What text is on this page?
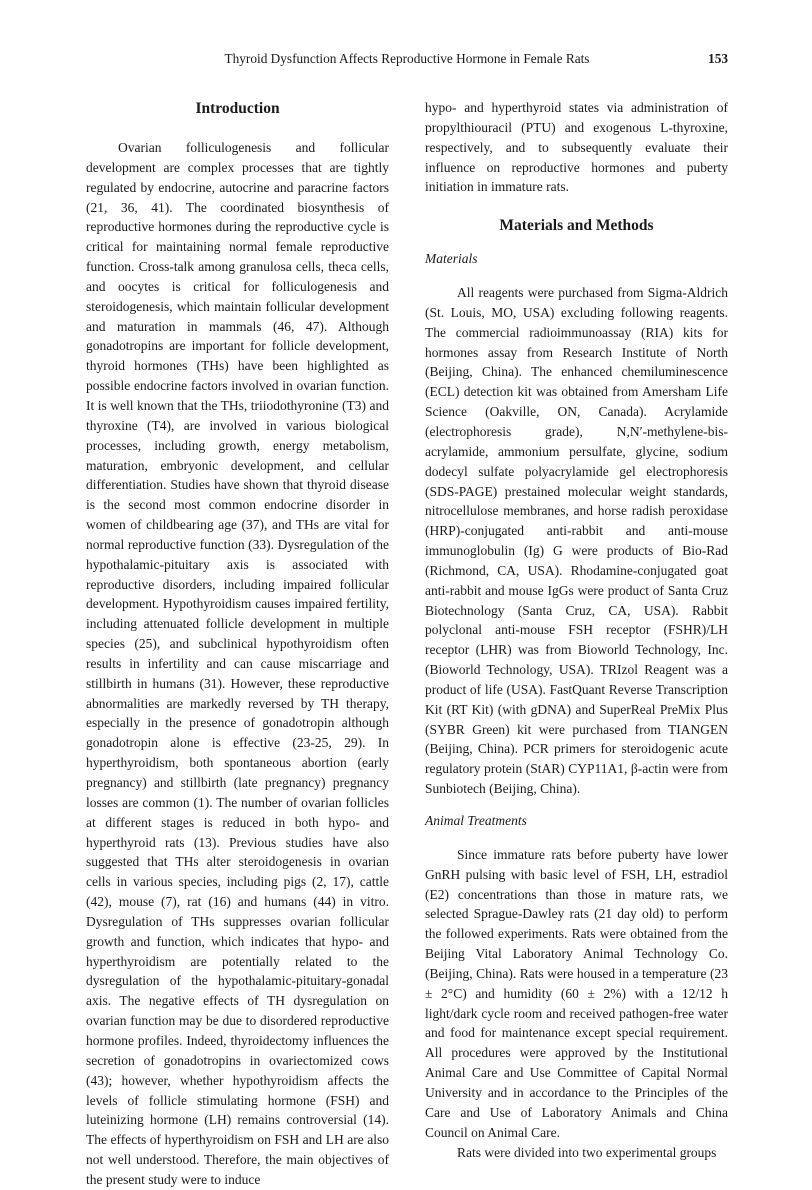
Thyroid Dysfunction Affects Reproductive Hormone in Female Rats	153
Introduction

Ovarian folliculogenesis and follicular development are complex processes that are tightly regulated by endocrine, autocrine and paracrine factors (21, 36, 41). The coordinated biosynthesis of reproductive hormones during the reproductive cycle is critical for maintaining normal female reproductive function. Cross-talk among granulosa cells, theca cells, and oocytes is critical for folliculogenesis and steroidogenesis, which maintain follicular development and maturation in mammals (46, 47). Although gonadotropins are important for follicle development, thyroid hormones (THs) have been highlighted as possible endocrine factors involved in ovarian function. It is well known that the THs, triiodothyronine (T3) and thyroxine (T4), are involved in various biological processes, including growth, energy metabolism, maturation, embryonic development, and cellular differentiation. Studies have shown that thyroid disease is the second most common endocrine disorder in women of childbearing age (37), and THs are vital for normal reproductive function (33). Dysregulation of the hypothalamic-pituitary axis is associated with reproductive disorders, including impaired follicular development. Hypothyroidism causes impaired fertility, including attenuated follicle development in multiple species (25), and subclinical hypothyroidism often results in infertility and can cause miscarriage and stillbirth in humans (31). However, these reproductive abnormalities are markedly reversed by TH therapy, especially in the presence of gonadotropin although gonadotropin alone is effective (23-25, 29). In hyperthyroidism, both spontaneous abortion (early pregnancy) and stillbirth (late pregnancy) pregnancy losses are common (1). The number of ovarian follicles at different stages is reduced in both hypo- and hyperthyroid rats (13). Previous studies have also suggested that THs alter steroidogenesis in ovarian cells in various species, including pigs (2, 17), cattle (42), mouse (7), rat (16) and humans (44) in vitro. Dysregulation of THs suppresses ovarian follicular growth and function, which indicates that hypo- and hyperthyroidism are potentially related to the dysregulation of the hypothalamic-pituitary-gonadal axis. The negative effects of TH dysregulation on ovarian function may be due to disordered reproductive hormone profiles. Indeed, thyroidectomy influences the secretion of gonadotropins in ovariectomized cows (43); however, whether hypothyroidism affects the levels of follicle stimulating hormone (FSH) and luteinizing hormone (LH) remains controversial (14). The effects of hyperthyroidism on FSH and LH are also not well understood. Therefore, the main objectives of the present study were to induce

hypo- and hyperthyroid states via administration of propylthiouracil (PTU) and exogenous L-thyroxine, respectively, and to subsequently evaluate their influence on reproductive hormones and puberty initiation in immature rats.

Materials and Methods
Materials

All reagents were purchased from Sigma-Aldrich (St. Louis, MO, USA) excluding following reagents. The commercial radioimmunoassay (RIA) kits for hormones assay from Research Institute of North (Beijing, China). The enhanced chemiluminescence (ECL) detection kit was obtained from Amersham Life Science (Oakville, ON, Canada). Acrylamide (electrophoresis grade), N,N′-methylene-bis-acrylamide, ammonium persulfate, glycine, sodium dodecyl sulfate polyacrylamide gel electrophoresis (SDS-PAGE) prestained molecular weight standards, nitrocellulose membranes, and horse radish peroxidase (HRP)-conjugated anti-rabbit and anti-mouse immunoglobulin (Ig) G were products of Bio-Rad (Richmond, CA, USA). Rhodamine-conjugated goat anti-rabbit and mouse IgGs were product of Santa Cruz Biotechnology (Santa Cruz, CA, USA). Rabbit polyclonal anti-mouse FSH receptor (FSHR)/LH receptor (LHR) was from Bioworld Technology, Inc. (Bioworld Technology, USA). TRIzol Reagent was a product of life (USA). FastQuant Reverse Transcription Kit (RT Kit) (with gDNA) and SuperReal PreMix Plus (SYBR Green) kit were purchased from TIANGEN (Beijing, China). PCR primers for steroidogenic acute regulatory protein (StAR) CYP11A1, β-actin were from Sunbiotech (Beijing, China).

Animal Treatments

Since immature rats before puberty have lower GnRH pulsing with basic level of FSH, LH, estradiol (E2) concentrations than those in mature rats, we selected Sprague-Dawley rats (21 day old) to perform the followed experiments. Rats were obtained from the Beijing Vital Laboratory Animal Technology Co. (Beijing, China). Rats were housed in a temperature (23 ± 2°C) and humidity (60 ± 2%) with a 12/12 h light/dark cycle room and received pathogen-free water and food for maintenance except special requirement. All procedures were approved by the Institutional Animal Care and Use Committee of Capital Normal University and in accordance to the Principles of the Care and Use of Laboratory Animals and China Council on Animal Care.

Rats were divided into two experimental groups
